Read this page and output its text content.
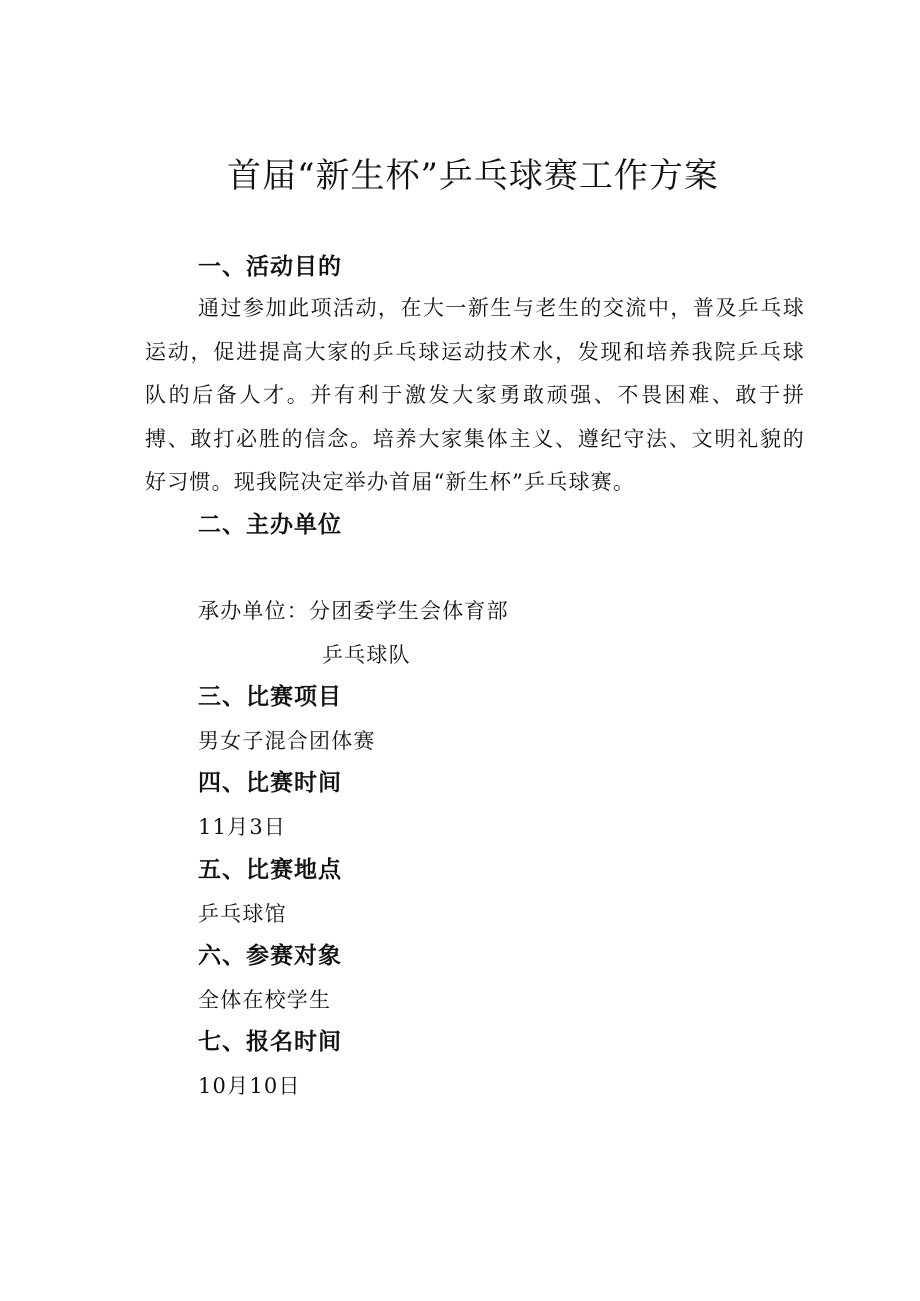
首届“新生杯”乒乓球赛工作方案
一、活动目的

通过参加此项活动，在大一新生与老生的交流中，普及乒乓球运动，促进提高大家的乒乓球运动技术水，发现和培养我院乒乓球队的后备人才。并有利于激发大家勇敢顽强、不畏困难、敢于拼搏、敢打必胜的信念。培养大家集体主义、遵纪守法、文明礼貌的好习惯。现我院决定举办首届“新生杯”乒乓球赛。

二、主办单位

承办单位：分团委学生会体育部

乒乓球队

三、比赛项目

男女子混合团体赛

四、比赛时间

11月3日

五、比赛地点

乒乓球馆

六、参赛对象

全体在校学生

七、报名时间

10月10日
